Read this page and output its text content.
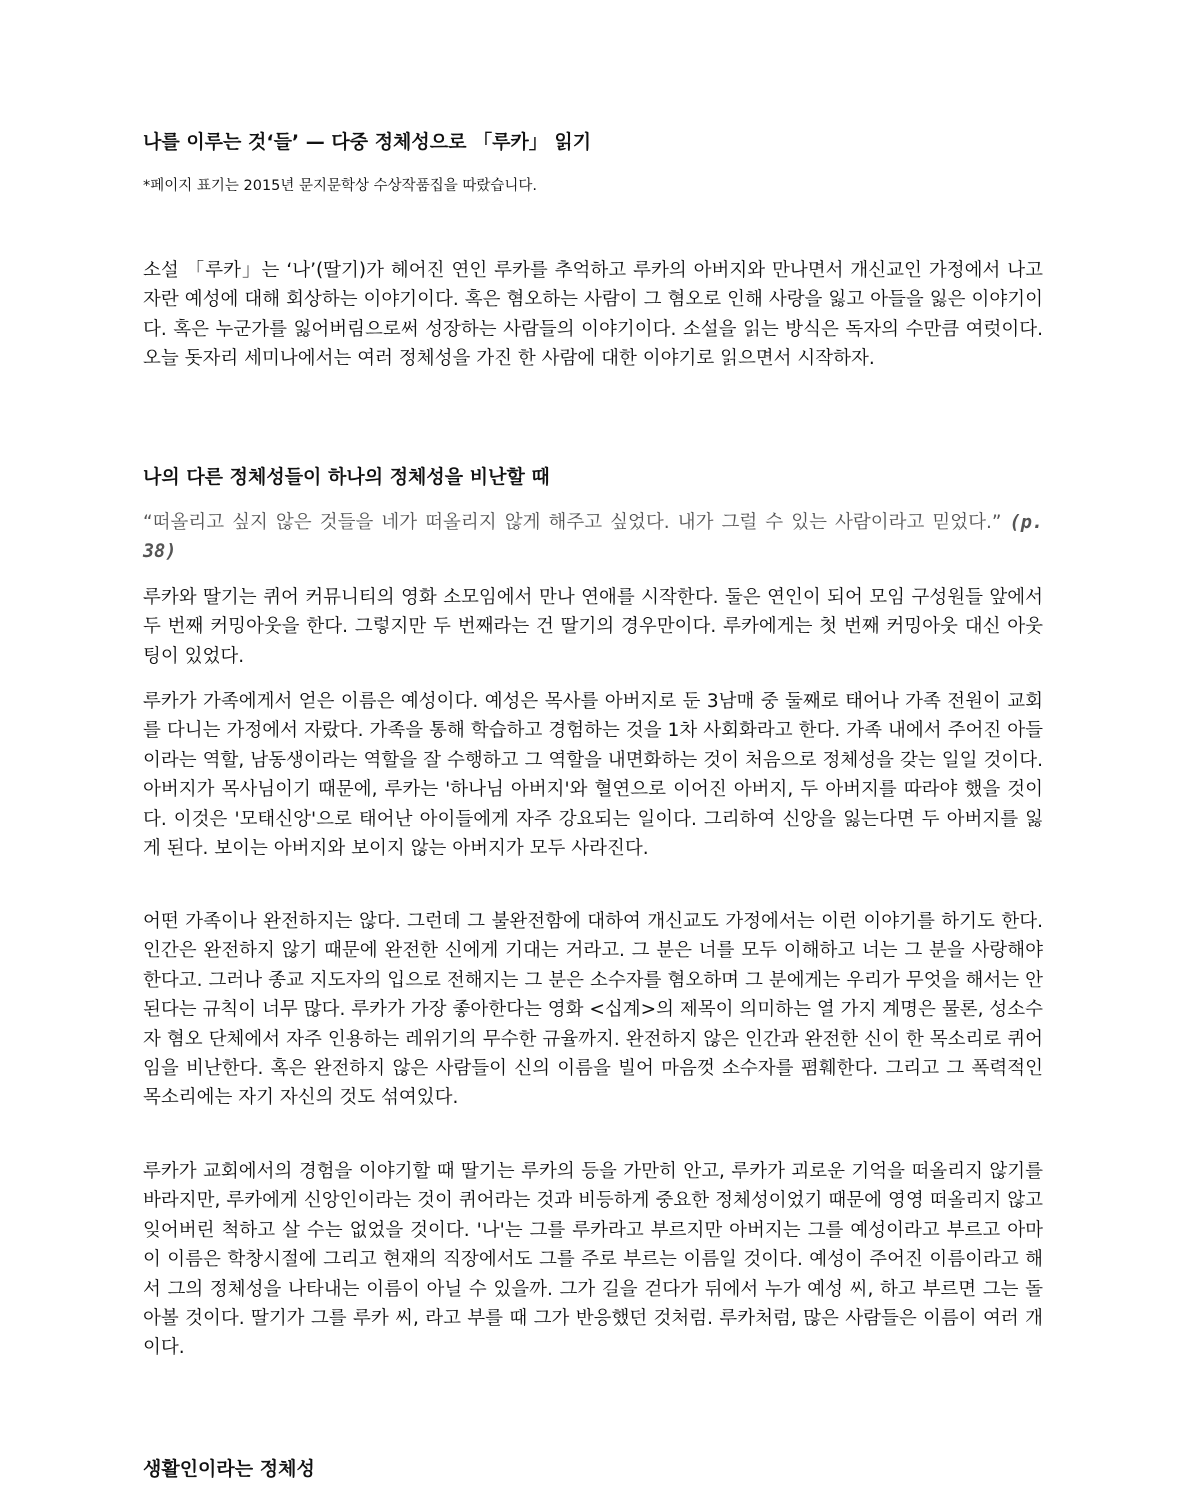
나를 이루는 것‘들’ — 다중 정체성으로 「루카」 읽기
*페이지 표기는 2015년 문지문학상 수상작품집을 따랐습니다.

소설 「루카」는 ‘나’(딸기)가 헤어진 연인 루카를 추억하고 루카의 아버지와 만나면서 개신교인 가정에서 나고 자란 예성에 대해 회상하는 이야기이다. 혹은 혐오하는 사람이 그 혐오로 인해 사랑을 잃고 아들을 잃은 이야기이다. 혹은 누군가를 잃어버림으로써 성장하는 사람들의 이야기이다. 소설을 읽는 방식은 독자의 수만큼 여럿이다. 오늘 돗자리 세미나에서는 여러 정체성을 가진 한 사람에 대한 이야기로 읽으면서 시작하자.

나의 다른 정체성들이 하나의 정체성을 비난할 때

“떠올리고 싶지 않은 것들을 네가 떠올리지 않게 해주고 싶었다. 내가 그럴 수 있는 사람이라고 믿었다.” (p. 38)

루카와 딸기는 퀴어 커뮤니티의 영화 소모임에서 만나 연애를 시작한다. 둘은 연인이 되어 모임 구성원들 앞에서 두 번째 커밍아웃을 한다. 그렇지만 두 번째라는 건 딸기의 경우만이다. 루카에게는 첫 번째 커밍아웃 대신 아웃팅이 있었다.

루카가 가족에게서 얻은 이름은 예성이다. 예성은 목사를 아버지로 둔 3남매 중 둘째로 태어나 가족 전원이 교회를 다니는 가정에서 자랐다. 가족을 통해 학습하고 경험하는 것을 1차 사회화라고 한다. 가족 내에서 주어진 아들이라는 역할, 남동생이라는 역할을 잘 수행하고 그 역할을 내면화하는 것이 처음으로 정체성을 갖는 일일 것이다. 아버지가 목사님이기 때문에, 루카는 '하나님 아버지'와 혈연으로 이어진 아버지, 두 아버지를 따라야 했을 것이다. 이것은 '모태신앙'으로 태어난 아이들에게 자주 강요되는 일이다. 그리하여 신앙을 잃는다면 두 아버지를 잃게 된다. 보이는 아버지와 보이지 않는 아버지가 모두 사라진다.

어떤 가족이나 완전하지는 않다. 그런데 그 불완전함에 대하여 개신교도 가정에서는 이런 이야기를 하기도 한다. 인간은 완전하지 않기 때문에 완전한 신에게 기대는 거라고. 그 분은 너를 모두 이해하고 너는 그 분을 사랑해야 한다고. 그러나 종교 지도자의 입으로 전해지는 그 분은 소수자를 혐오하며 그 분에게는 우리가 무엇을 해서는 안 된다는 규칙이 너무 많다. 루카가 가장 좋아한다는 영화 <십계>의 제목이 의미하는 열 가지 계명은 물론, 성소수자 혐오 단체에서 자주 인용하는 레위기의 무수한 규율까지. 완전하지 않은 인간과 완전한 신이 한 목소리로 퀴어임을 비난한다. 혹은 완전하지 않은 사람들이 신의 이름을 빌어 마음껏 소수자를 폄훼한다. 그리고 그 폭력적인 목소리에는 자기 자신의 것도 섞여있다.

루카가 교회에서의 경험을 이야기할 때 딸기는 루카의 등을 가만히 안고, 루카가 괴로운 기억을 떠올리지 않기를 바라지만, 루카에게 신앙인이라는 것이 퀴어라는 것과 비등하게 중요한 정체성이었기 때문에 영영 떠올리지 않고 잊어버린 척하고 살 수는 없었을 것이다. '나'는 그를 루카라고 부르지만 아버지는 그를 예성이라고 부르고 아마 이 이름은 학창시절에 그리고 현재의 직장에서도 그를 주로 부르는 이름일 것이다. 예성이 주어진 이름이라고 해서 그의 정체성을 나타내는 이름이 아닐 수 있을까. 그가 길을 걷다가 뒤에서 누가 예성 씨, 하고 부르면 그는 돌아볼 것이다. 딸기가 그를 루카 씨, 라고 부를 때 그가 반응했던 것처럼. 루카처럼, 많은 사람들은 이름이 여러 개이다.

생활인이라는 정체성
